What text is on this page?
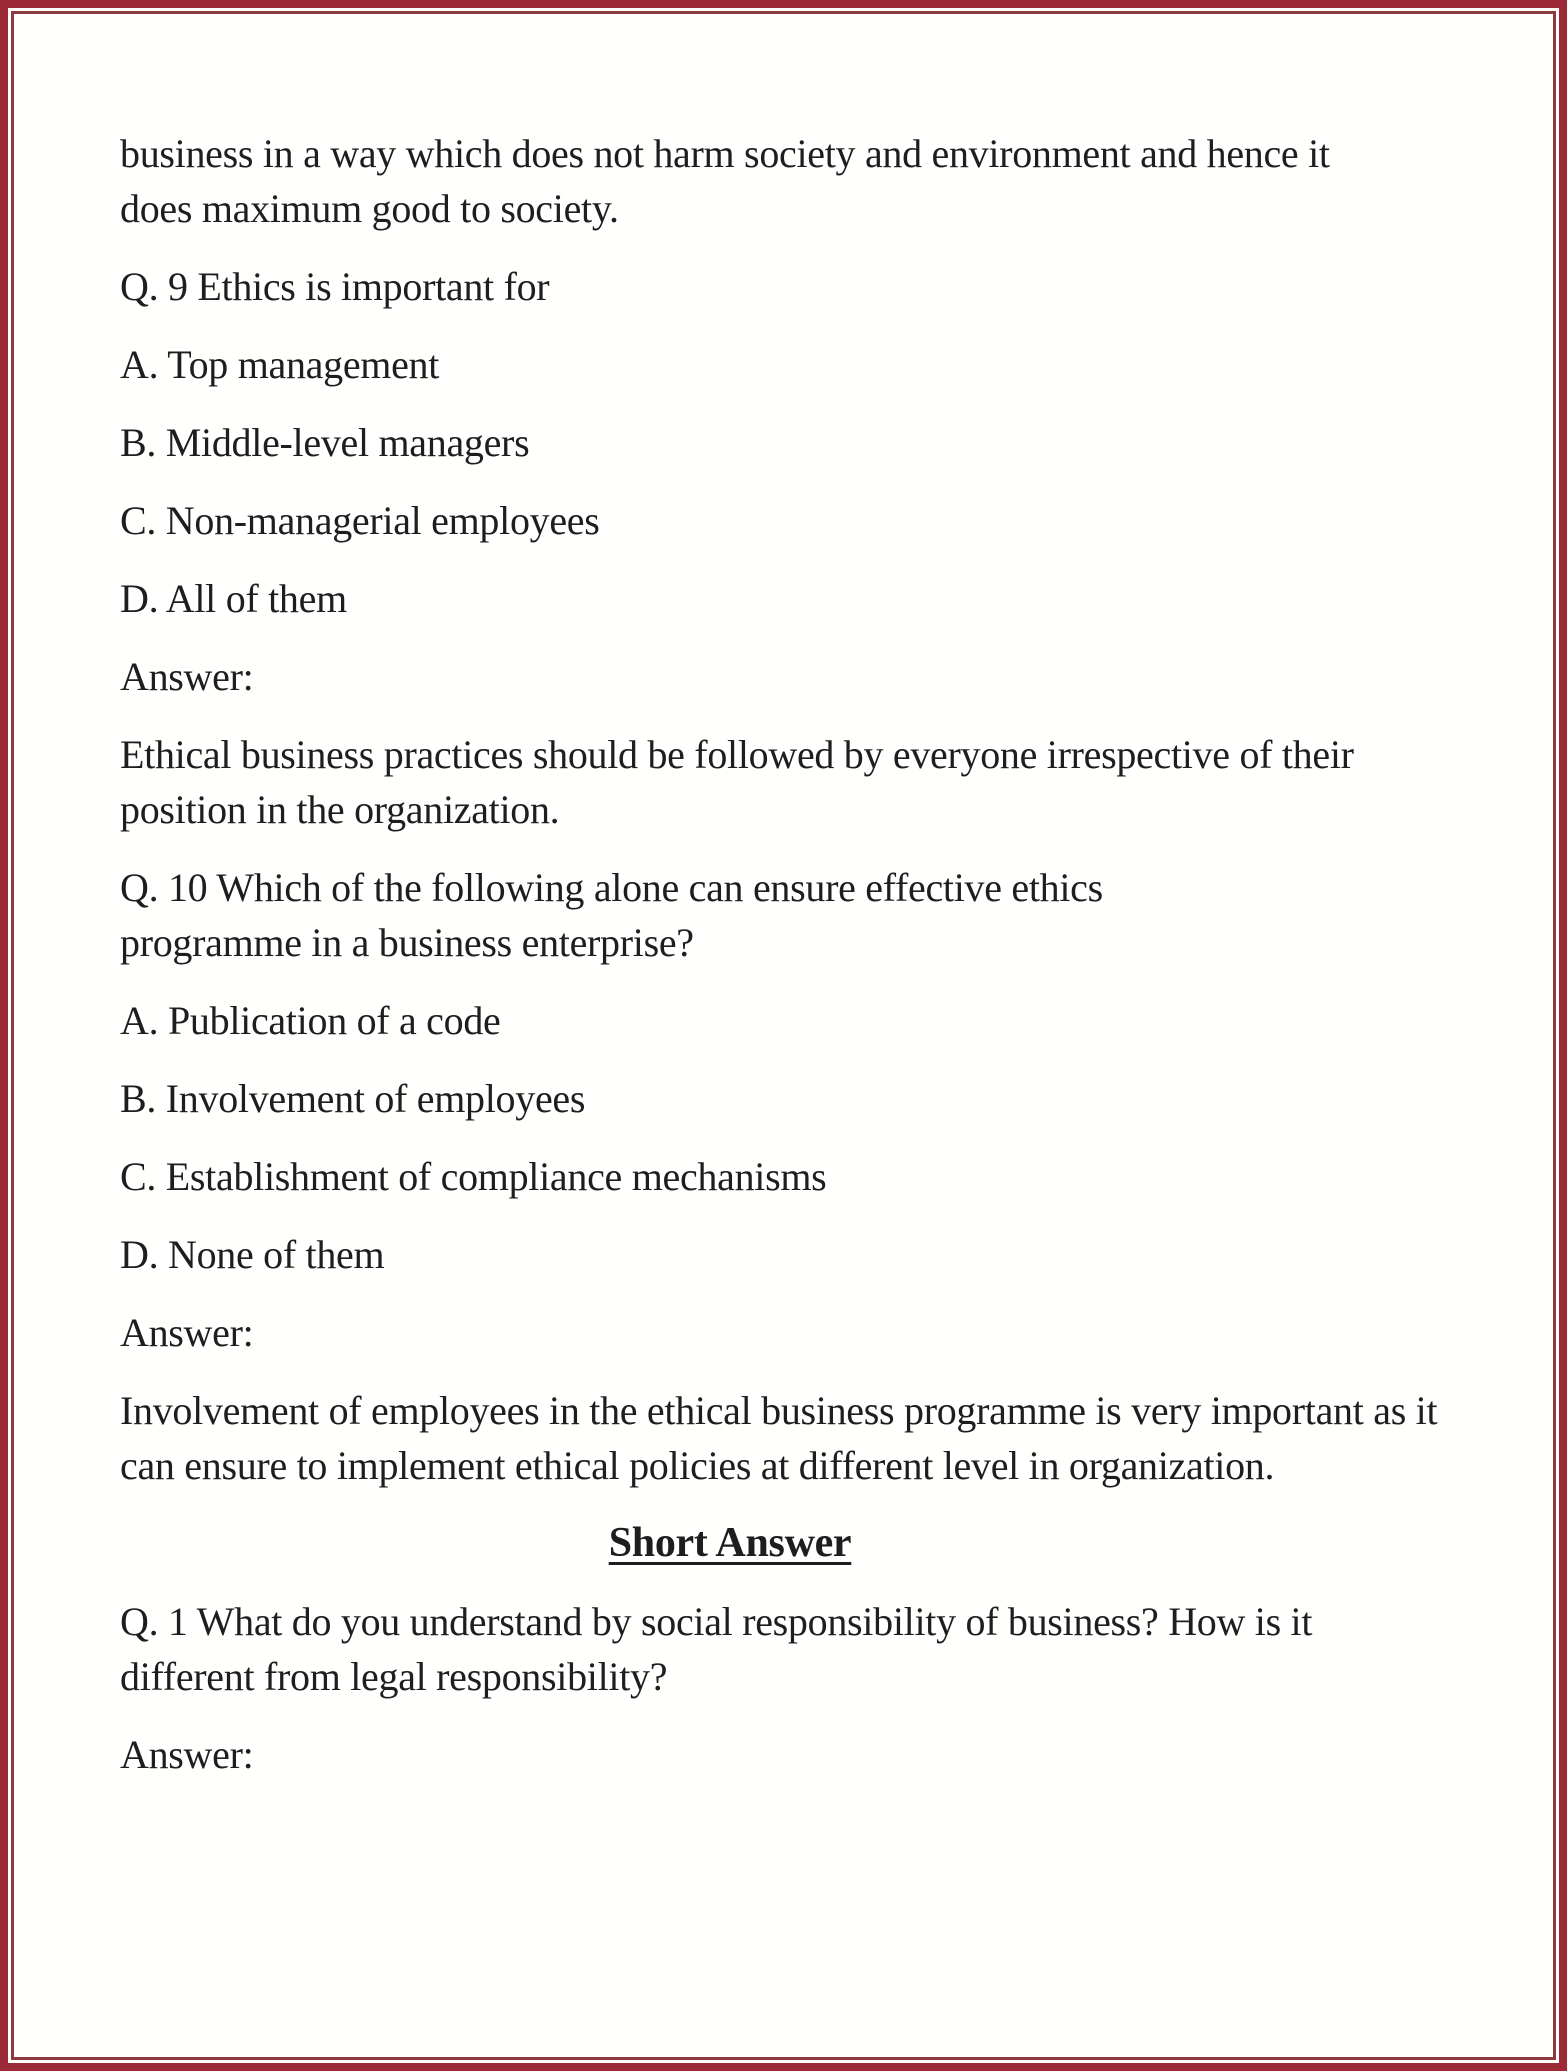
business in a way which does not harm society and environment and hence it does maximum good to society.

Q. 9 Ethics is important for

A. Top management

B. Middle-level managers

C. Non-managerial employees

D. All of them

Answer:

Ethical business practices should be followed by everyone irrespective of their position in the organization.

Q. 10 Which of the following alone can ensure effective ethics programme in a business enterprise?

A. Publication of a code

B. Involvement of employees

C. Establishment of compliance mechanisms

D. None of them

Answer:

Involvement of employees in the ethical business programme is very important as it can ensure to implement ethical policies at different level in organization.

Short Answer

Q. 1 What do you understand by social responsibility of business? How is it different from legal responsibility?

Answer:
